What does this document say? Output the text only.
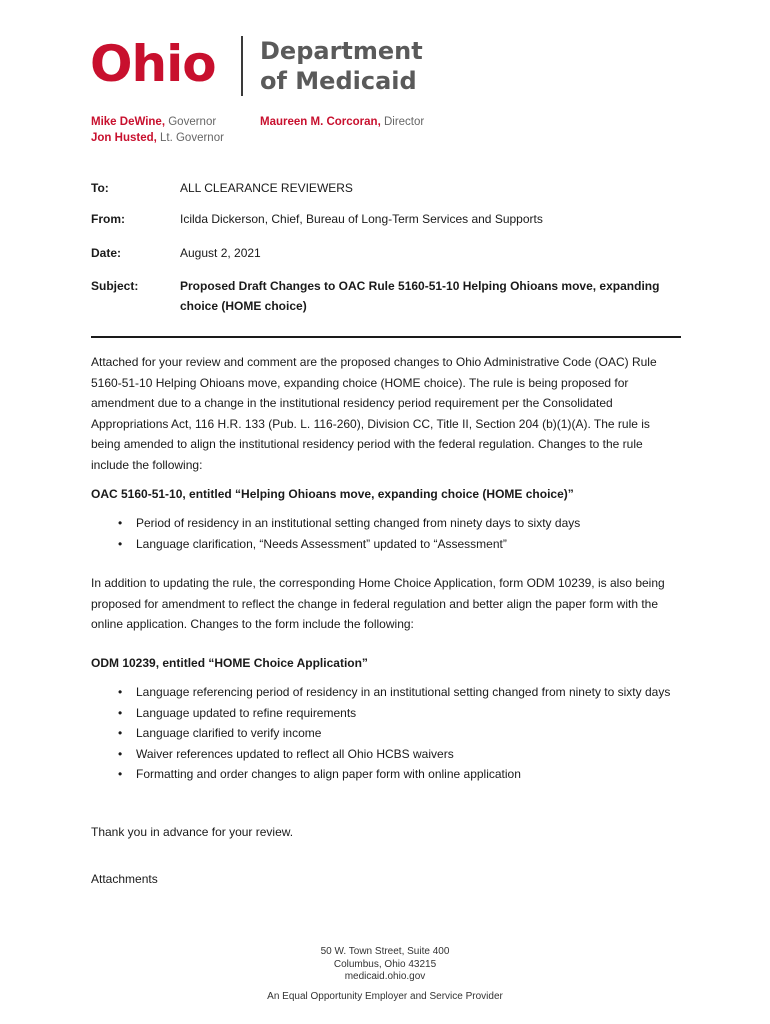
Ohio Department of Medicaid
Mike DeWine, Governor
Jon Husted, Lt. Governor
Maureen M. Corcoran, Director
To:	ALL CLEARANCE REVIEWERS
From:	Icilda Dickerson, Chief, Bureau of Long-Term Services and Supports
Date:	August 2, 2021
Subject:	Proposed Draft Changes to OAC Rule 5160-51-10 Helping Ohioans move, expanding choice (HOME choice)
Attached for your review and comment are the proposed changes to Ohio Administrative Code (OAC) Rule 5160-51-10 Helping Ohioans move, expanding choice (HOME choice). The rule is being proposed for amendment due to a change in the institutional residency period requirement per the Consolidated Appropriations Act, 116 H.R. 133 (Pub. L. 116-260), Division CC, Title II, Section 204 (b)(1)(A). The rule is being amended to align the institutional residency period with the federal regulation. Changes to the rule include the following:
OAC 5160-51-10, entitled “Helping Ohioans move, expanding choice (HOME choice)”
• Period of residency in an institutional setting changed from ninety days to sixty days
• Language clarification, “Needs Assessment” updated to “Assessment”
In addition to updating the rule, the corresponding Home Choice Application, form ODM 10239, is also being proposed for amendment to reflect the change in federal regulation and better align the paper form with the online application. Changes to the form include the following:
ODM 10239, entitled “HOME Choice Application”
• Language referencing period of residency in an institutional setting changed from ninety to sixty days
• Language updated to refine requirements
• Language clarified to verify income
• Waiver references updated to reflect all Ohio HCBS waivers
• Formatting and order changes to align paper form with online application
Thank you in advance for your review.
Attachments
50 W. Town Street, Suite 400
Columbus, Ohio 43215
medicaid.ohio.gov
An Equal Opportunity Employer and Service Provider
